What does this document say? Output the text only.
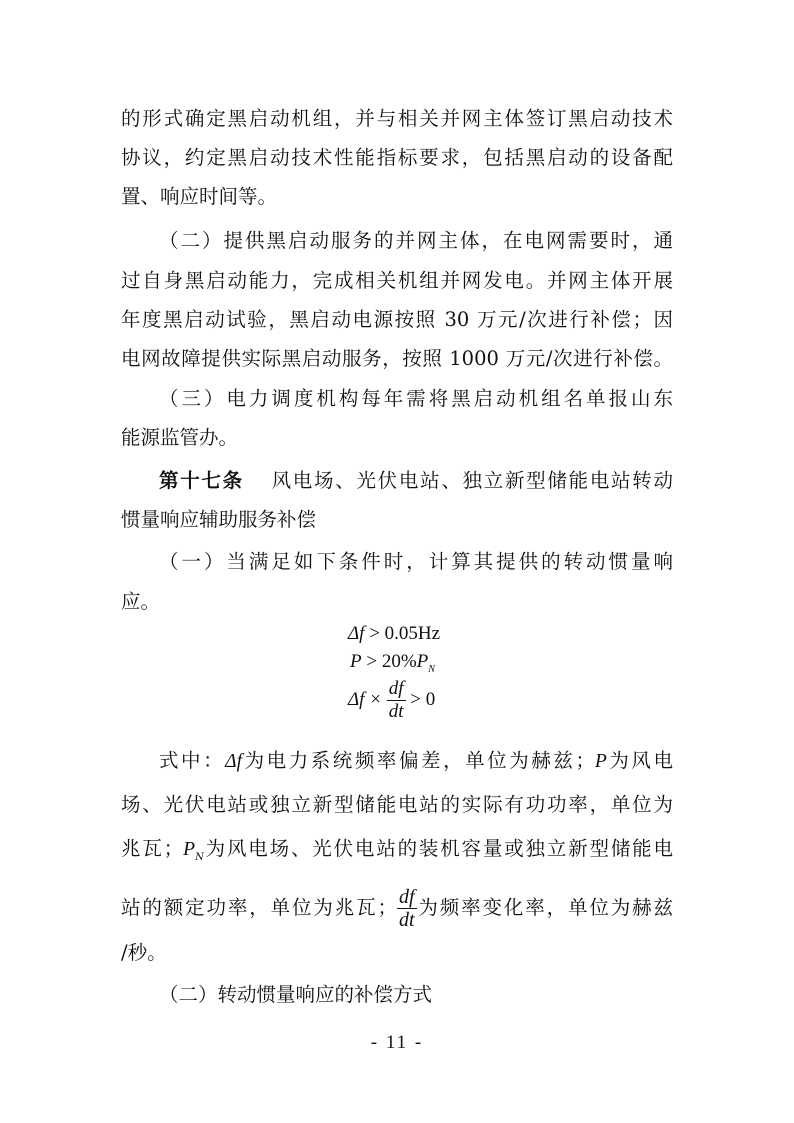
的形式确定黑启动机组，并与相关并网主体签订黑启动技术
协议，约定黑启动技术性能指标要求，包括黑启动的设备配
置、响应时间等。
（二）提供黑启动服务的并网主体，在电网需要时，通
过自身黑启动能力，完成相关机组并网发电。并网主体开展
年度黑启动试验，黑启动电源按照 30 万元/次进行补偿；因
电网故障提供实际黑启动服务，按照 1000 万元/次进行补偿。
（三）电力调度机构每年需将黑启动机组名单报山东
能源监管办。
第十七条 风电场、光伏电站、独立新型储能电站转动
惯量响应辅助服务补偿
（一）当满足如下条件时，计算其提供的转动惯量响
应。
Δf > 0.05Hz
$P > 20\%P_N$
$\Delta f \times \frac{df}{dt} > 0$
式中：Δf为电力系统频率偏差，单位为赫兹；P为风电
场、光伏电站或独立新型储能电站的实际有功功率，单位为
兆瓦；$P_N$为风电场、光伏电站的装机容量或独立新型储能电
站的额定功率，单位为兆瓦； $\frac{df}{dt}$ 为频率变化率，单位为赫兹
/秒。
（二）转动惯量响应的补偿方式
- 11 -
